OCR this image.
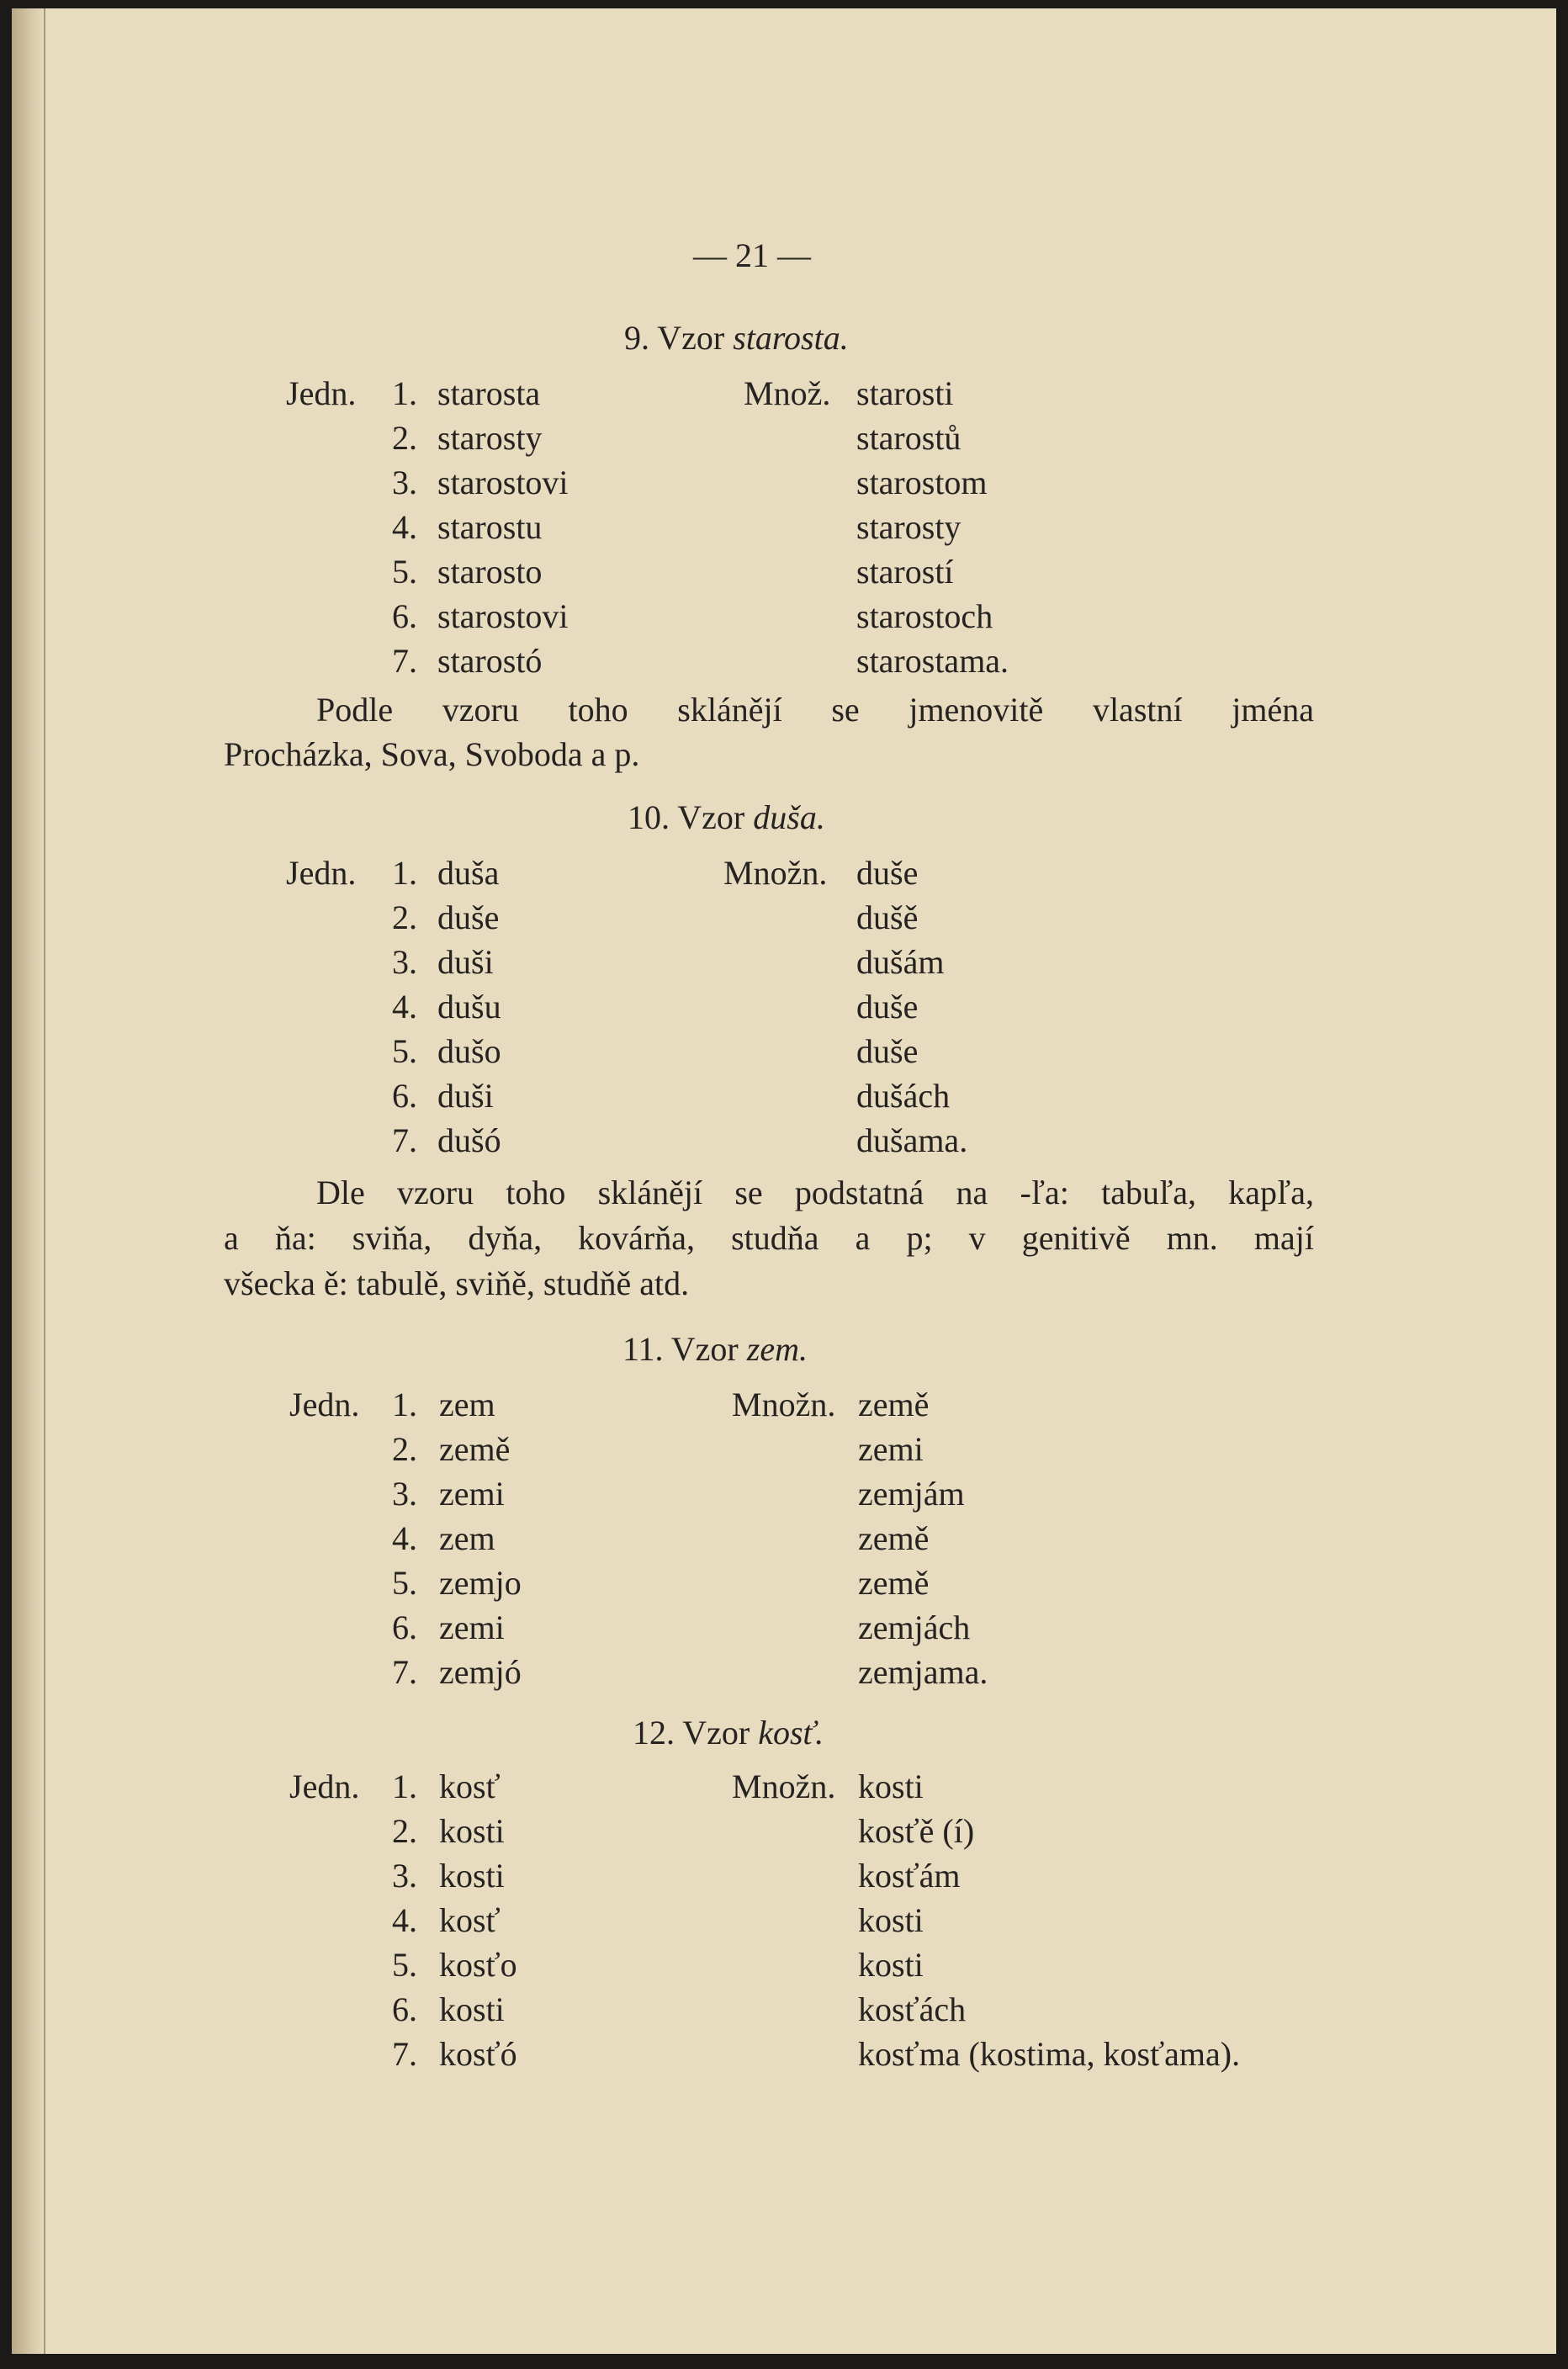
— 21 —
9. Vzor starosta.
Jedn.	Množ.
1. starosta	starosti
2. starosty	starostů
3. starostovi	starostom
4. starostu	starosty
5. starosto	starostí
6. starostovi	starostoch
7. starostó	starostama.
Podle vzoru toho sklánějí se jmenovitě vlastní jména
Procházka, Sova, Svoboda a p.
10. Vzor duša.
Jedn.	Množn.
1. duša	duše
2. duše	dušě
3. duši	dušám
4. dušu	duše
5. dušo	duše
6. duši	dušách
7. dušó	dušama.
Dle vzoru toho sklánějí se podstatná na -ľa: tabuľa, kapľa,
a ňa: sviňa, dyňa, kovárňa, studňa a p; v genitivě mn. mají
všecka ě: tabulě, sviňě, studňě atd.
11. Vzor zem.
Jedn.	Množn.
1. zem	země
2. země	zemi
3. zemi	zemjám
4. zem	země
5. zemjo	země
6. zemi	zemjách
7. zemjó	zemjama.
12. Vzor kosť.
Jedn.	Množn.
1. kosť	kosti
2. kosti	kosťě (í)
3. kosti	kosťám
4. kosť	kosti
5. kosťo	kosti
6. kosti	kosťách
7. kosťó	kosťma (kostima, kosťama).
